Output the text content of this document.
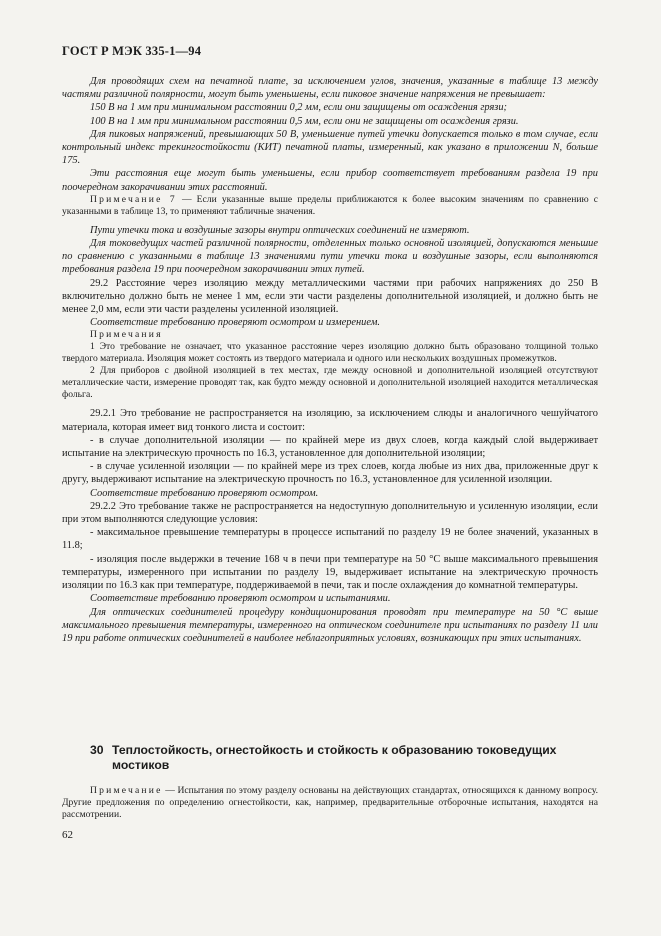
ГОСТ Р МЭК 335-1—94

Для проводящих схем на печатной плате, за исключением углов, значения, указанные в таблице 13 между частями различной полярности, могут быть уменьшены, если пиковое значение напряжения не превышает:

150 В на 1 мм при минимальном расстоянии 0,2 мм, если они защищены от осаждения грязи;

100 В на 1 мм при минимальном расстоянии 0,5 мм, если они не защищены от осаждения грязи.

Для пиковых напряжений, превышающих 50 В, уменьшение путей утечки допускается только в том случае, если контрольный индекс трекингостойкости (КИТ) печатной платы, измеренный, как указано в приложении N, больше 175.

Эти расстояния еще могут быть уменьшены, если прибор соответствует требованиям раздела 19 при поочередном закорачивании этих расстояний.

Примечание 7 — Если указанные выше пределы приближаются к более высоким значениям по сравнению с указанными в таблице 13, то применяют табличные значения.

Пути утечки тока и воздушные зазоры внутри оптических соединений не измеряют.

Для токоведущих частей различной полярности, отделенных только основной изоляцией, допускаются меньшие по сравнению с указанными в таблице 13 значениями пути утечки тока и воздушные зазоры, если выполняются требования раздела 19 при поочередном закорачивании этих путей.

29.2 Расстояние через изоляцию между металлическими частями при рабочих напряжениях до 250 В включительно должно быть не менее 1 мм, если эти части разделены дополнительной изоляцией, и должно быть не менее 2,0 мм, если эти части разделены усиленной изоляцией.

Соответствие требованию проверяют осмотром и измерением.

Примечания

1 Это требование не означает, что указанное расстояние через изоляцию должно быть образовано толщиной только твердого материала. Изоляция может состоять из твердого материала и одного или нескольких воздушных промежутков.

2 Для приборов с двойной изоляцией в тех местах, где между основной и дополнительной изоляцией отсутствуют металлические части, измерение проводят так, как будто между основной и дополнительной изоляцией находится металлическая фольга.

29.2.1 Это требование не распространяется на изоляцию, за исключением слюды и аналогичного чешуйчатого материала, которая имеет вид тонкого листа и состоит:

- в случае дополнительной изоляции — по крайней мере из двух слоев, когда каждый слой выдерживает испытание на электрическую прочность по 16.3, установленное для дополнительной изоляции;

- в случае усиленной изоляции — по крайней мере из трех слоев, когда любые из них два, приложенные друг к другу, выдерживают испытание на электрическую прочность по 16.3, установленное для усиленной изоляции.

Соответствие требованию проверяют осмотром.

29.2.2 Это требование также не распространяется на недоступную дополнительную и усиленную изоляции, если при этом выполняются следующие условия:

- максимальное превышение температуры в процессе испытаний по разделу 19 не более значений, указанных в 11.8;

- изоляция после выдержки в течение 168 ч в печи при температуре на 50 °С выше максимального превышения температуры, измеренного при испытании по разделу 19, выдерживает испытание на электрическую прочность изоляции по 16.3 как при температуре, поддерживаемой в печи, так и после охлаждения до комнатной температуры.

Соответствие требованию проверяют осмотром и испытаниями.

Для оптических соединителей процедуру кондиционирования проводят при температуре на 50 °С выше максимального превышения температуры, измеренного на оптическом соединителе при испытаниях по разделу 11 или 19 при работе оптических соединителей в наиболее неблагоприятных условиях, возникающих при этих испытаниях.

30 Теплостойкость, огнестойкость и стойкость к образованию токоведущих мостиков

Примечание — Испытания по этому разделу основаны на действующих стандартах, относящихся к данному вопросу. Другие предложения по определению огнестойкости, как, например, предварительные отборочные испытания, находятся на рассмотрении.

62
